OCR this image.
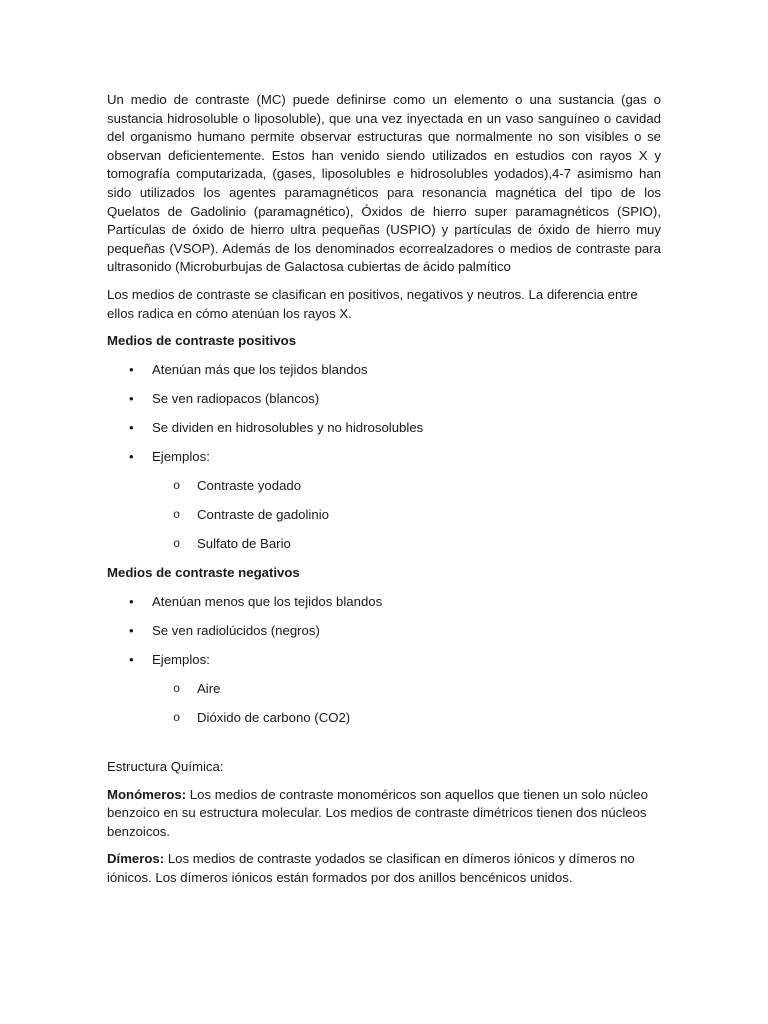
Un medio de contraste (MC) puede definirse como un elemento o una sustancia (gas o sustancia hidrosoluble o liposoluble), que una vez inyectada en un vaso sanguíneo o cavidad del organismo humano permite observar estructuras que normalmente no son visibles o se observan deficientemente. Estos han venido siendo utilizados en estudios con rayos X y tomografía computarizada, (gases, liposolubles e hidrosolubles yodados),4-7 asimismo han sido utilizados los agentes paramagnéticos para resonancia magnética del tipo de los Quelatos de Gadolinio (paramagnético), Óxidos de hierro super paramagnéticos (SPIO), Partículas de óxido de hierro ultra pequeñas (USPIO) y partículas de óxido de hierro muy pequeñas (VSOP). Además de los denominados ecorrealzadores o medios de contraste para ultrasonido (Microburbujas de Galactosa cubiertas de ácido palmítico

Los medios de contraste se clasifican en positivos, negativos y neutros. La diferencia entre ellos radica en cómo atenúan los rayos X.

Medios de contraste positivos

• Atenúan más que los tejidos blandos
• Se ven radiopacos (blancos)
• Se dividen en hidrosolubles y no hidrosolubles
• Ejemplos:
o Contraste yodado
o Contraste de gadolinio
o Sulfato de Bario

Medios de contraste negativos

• Atenúan menos que los tejidos blandos
• Se ven radiolúcidos (negros)
• Ejemplos:
o Aire
o Dióxido de carbono (CO2)

Estructura Química:

Monómeros: Los medios de contraste monoméricos son aquellos que tienen un solo núcleo benzoico en su estructura molecular. Los medios de contraste dimétricos tienen dos núcleos benzoicos.

Dímeros: Los medios de contraste yodados se clasifican en dímeros iónicos y dímeros no iónicos. Los dímeros iónicos están formados por dos anillos bencénicos unidos.
